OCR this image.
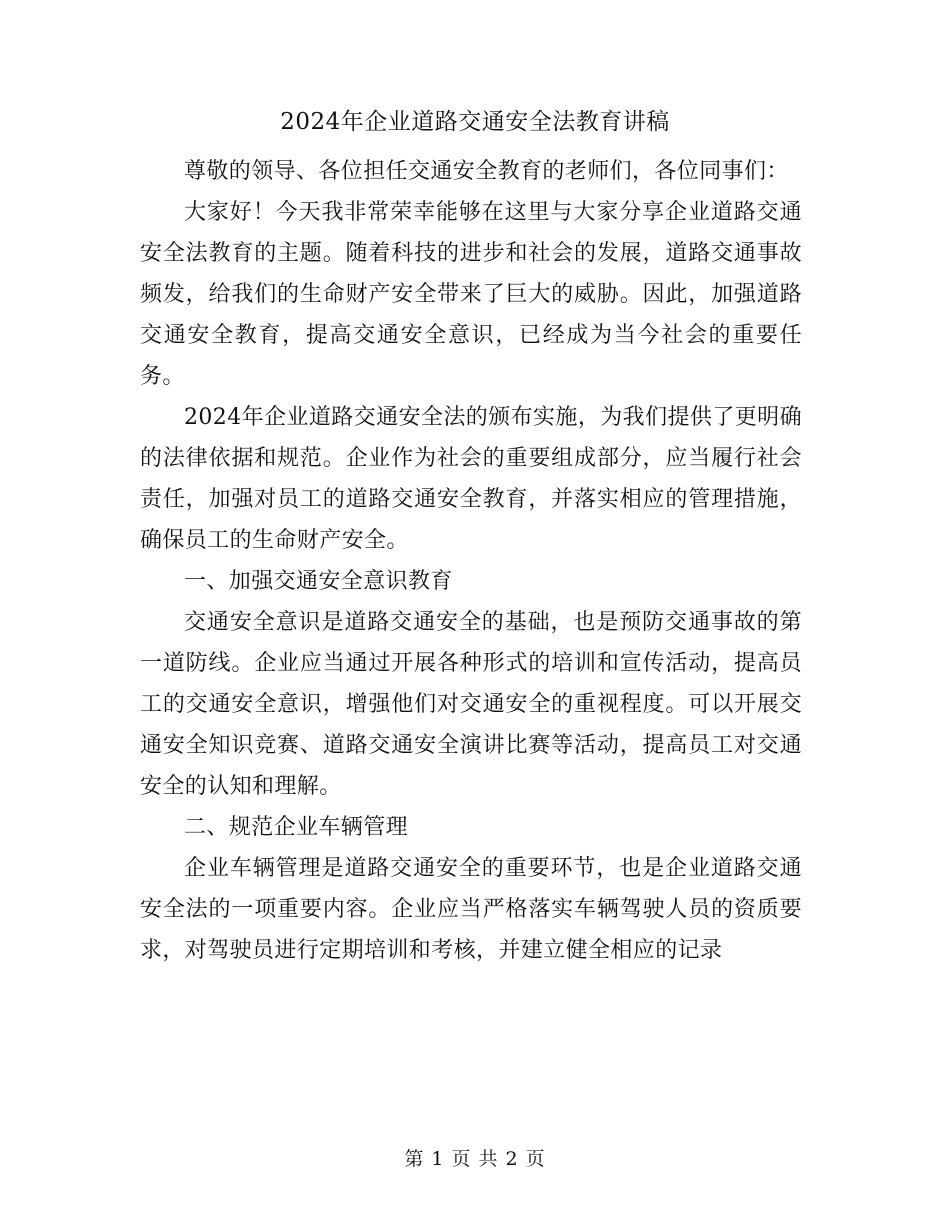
2024年企业道路交通安全法教育讲稿

尊敬的领导、各位担任交通安全教育的老师们，各位同事们：

大家好！今天我非常荣幸能够在这里与大家分享企业道路交通安全法教育的主题。随着科技的进步和社会的发展，道路交通事故频发，给我们的生命财产安全带来了巨大的威胁。因此，加强道路交通安全教育，提高交通安全意识，已经成为当今社会的重要任务。

2024年企业道路交通安全法的颁布实施，为我们提供了更明确的法律依据和规范。企业作为社会的重要组成部分，应当履行社会责任，加强对员工的道路交通安全教育，并落实相应的管理措施，确保员工的生命财产安全。

一、加强交通安全意识教育

交通安全意识是道路交通安全的基础，也是预防交通事故的第一道防线。企业应当通过开展各种形式的培训和宣传活动，提高员工的交通安全意识，增强他们对交通安全的重视程度。可以开展交通安全知识竞赛、道路交通安全演讲比赛等活动，提高员工对交通安全的认知和理解。

二、规范企业车辆管理

企业车辆管理是道路交通安全的重要环节，也是企业道路交通安全法的一项重要内容。企业应当严格落实车辆驾驶人员的资质要求，对驾驶员进行定期培训和考核，并建立健全相应的记录

第 1 页 共 2 页
